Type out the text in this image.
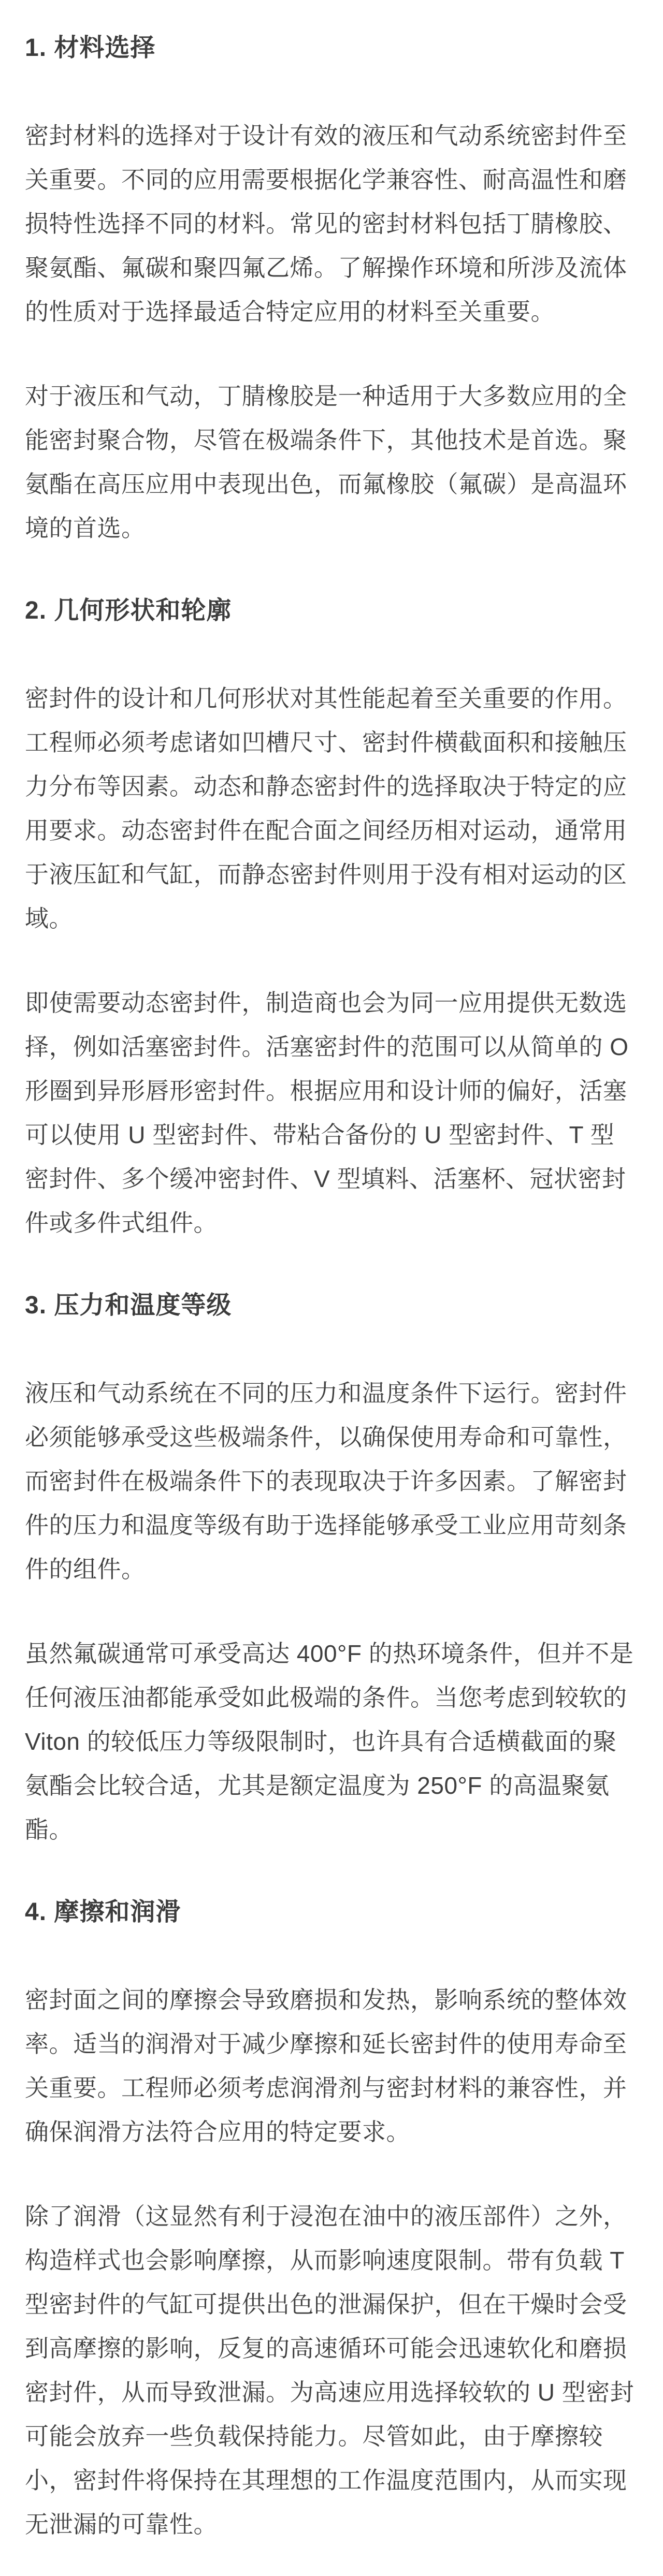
1. 材料选择

密封材料的选择对于设计有效的液压和气动系统密封件至
关重要。不同的应用需要根据化学兼容性、耐高温性和磨
损特性选择不同的材料。常见的密封材料包括丁腈橡胶、
聚氨酯、氟碳和聚四氟乙烯。了解操作环境和所涉及流体
的性质对于选择最适合特定应用的材料至关重要。

对于液压和气动，丁腈橡胶是一种适用于大多数应用的全
能密封聚合物，尽管在极端条件下，其他技术是首选。聚
氨酯在高压应用中表现出色，而氟橡胶（氟碳）是高温环
境的首选。

2. 几何形状和轮廓

密封件的设计和几何形状对其性能起着至关重要的作用。
工程师必须考虑诸如凹槽尺寸、密封件横截面积和接触压
力分布等因素。动态和静态密封件的选择取决于特定的应
用要求。动态密封件在配合面之间经历相对运动，通常用
于液压缸和气缸，而静态密封件则用于没有相对运动的区
域。

即使需要动态密封件，制造商也会为同一应用提供无数选
择，例如活塞密封件。活塞密封件的范围可以从简单的 O
形圈到异形唇形密封件。根据应用和设计师的偏好，活塞
可以使用 U 型密封件、带粘合备份的 U 型密封件、T 型
密封件、多个缓冲密封件、V 型填料、活塞杯、冠状密封
件或多件式组件。

3. 压力和温度等级

液压和气动系统在不同的压力和温度条件下运行。密封件
必须能够承受这些极端条件，以确保使用寿命和可靠性，
而密封件在极端条件下的表现取决于许多因素。了解密封
件的压力和温度等级有助于选择能够承受工业应用苛刻条
件的组件。

虽然氟碳通常可承受高达 400°F 的热环境条件，但并不是
任何液压油都能承受如此极端的条件。当您考虑到较软的
Viton 的较低压力等级限制时，也许具有合适横截面的聚
氨酯会比较合适，尤其是额定温度为 250°F 的高温聚氨
酯。

4. 摩擦和润滑

密封面之间的摩擦会导致磨损和发热，影响系统的整体效
率。适当的润滑对于减少摩擦和延长密封件的使用寿命至
关重要。工程师必须考虑润滑剂与密封材料的兼容性，并
确保润滑方法符合应用的特定要求。

除了润滑（这显然有利于浸泡在油中的液压部件）之外，
构造样式也会影响摩擦，从而影响速度限制。带有负载 T
型密封件的气缸可提供出色的泄漏保护，但在干燥时会受
到高摩擦的影响，反复的高速循环可能会迅速软化和磨损
密封件，从而导致泄漏。为高速应用选择较软的 U 型密封
可能会放弃一些负载保持能力。尽管如此，由于摩擦较
小，密封件将保持在其理想的工作温度范围内，从而实现
无泄漏的可靠性。
